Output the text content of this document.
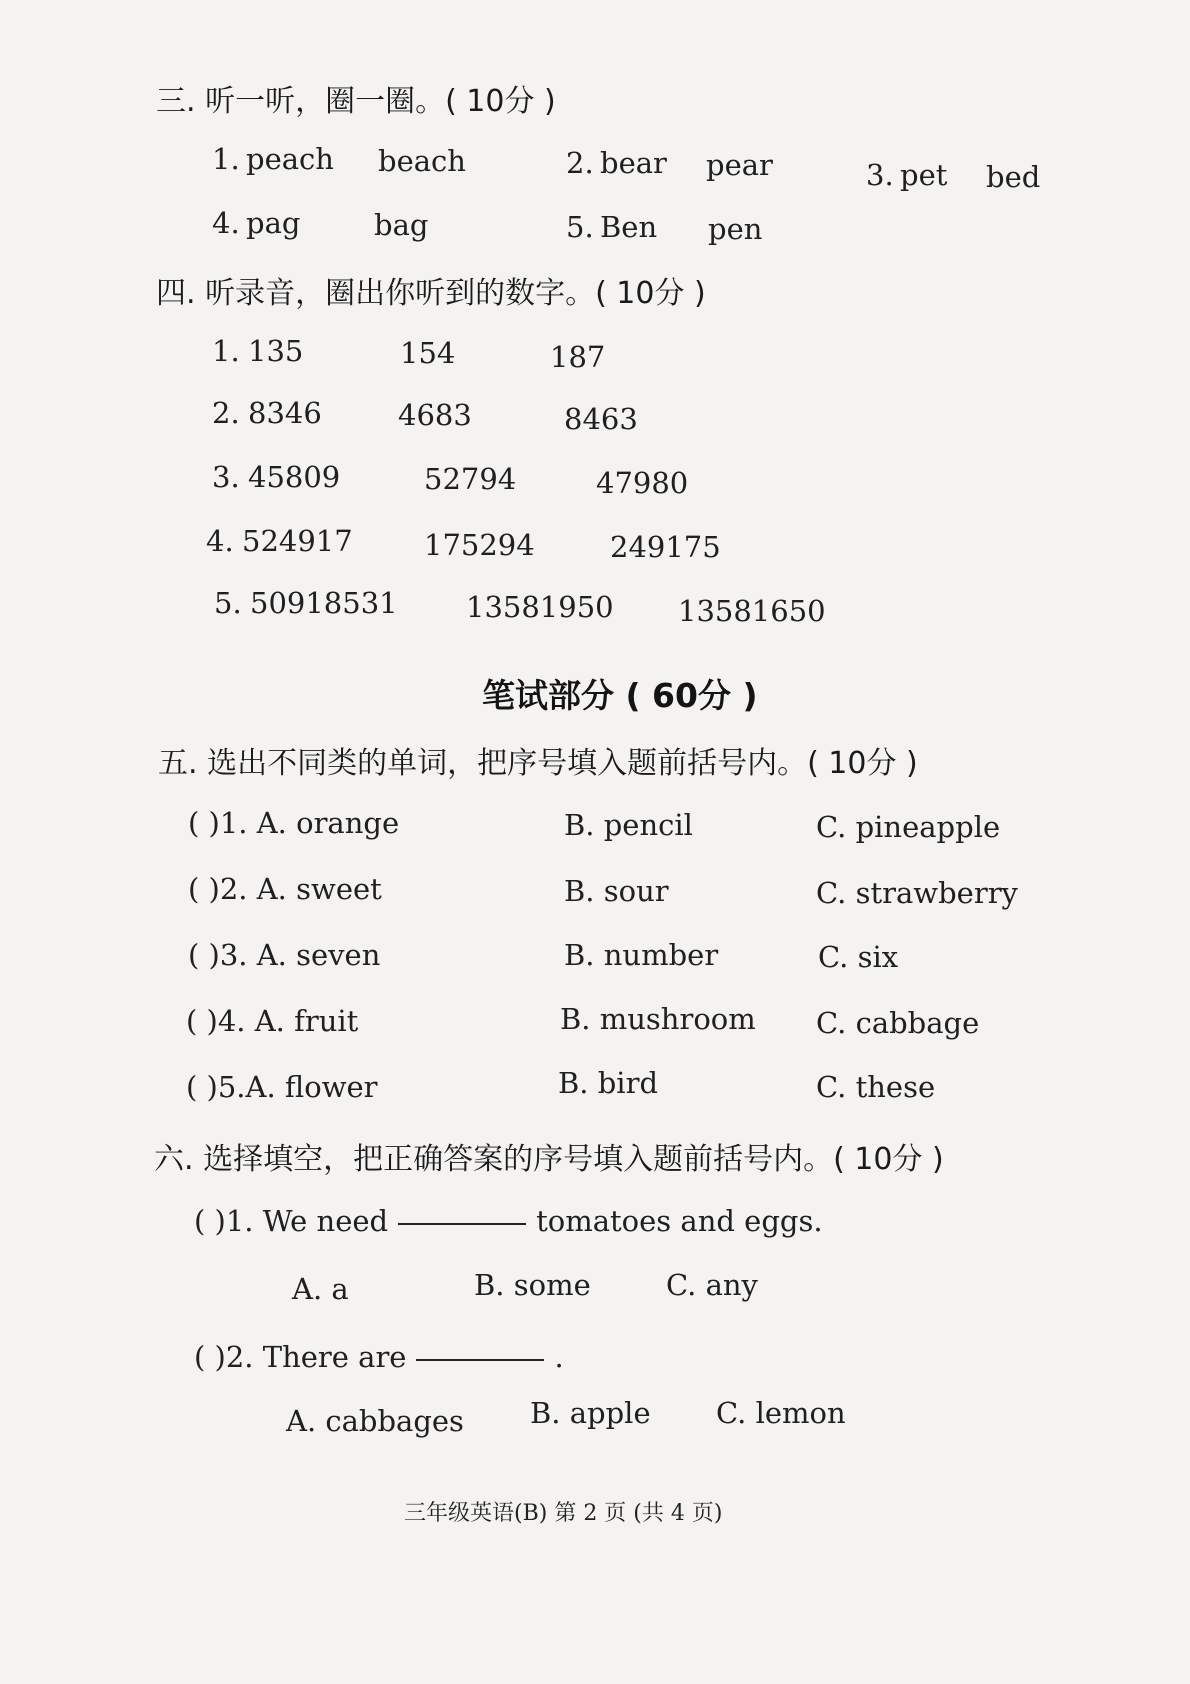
三. 听一听，圈一圈。( 10分 )
1. peach beach	2. bear pear	3. pet bed
4. pag	bag	5. Ben pen
四. 听录音，圈出你听到的数字。( 10分 )
1. 135	154	187
2. 8346	4683	8463
3. 45809	52794	47980
4. 524917 175294	249175
5. 50918531 13581950 13581650
笔试部分 ( 60分 )
五. 选出不同类的单词，把序号填入题前括号内。( 10分 )
( )1. A. orange	B. pencil	C. pineapple
( )2. A. sweet	B. sour	C. strawberry
( )3. A. seven	B. number	C. six
( )4. A. fruit	B. mushroom C. cabbage
( )5.A. flower	B. bird	C. these
六. 选择填空，把正确答案的序号填入题前括号内。( 10分 )
( )1. We need	tomatoes and eggs.
A. a	B. some	C. any
( )2. There are	.
A. cabbages B. apple C. lemon
三年级英语(B) 第 2 页 (共 4 页)
